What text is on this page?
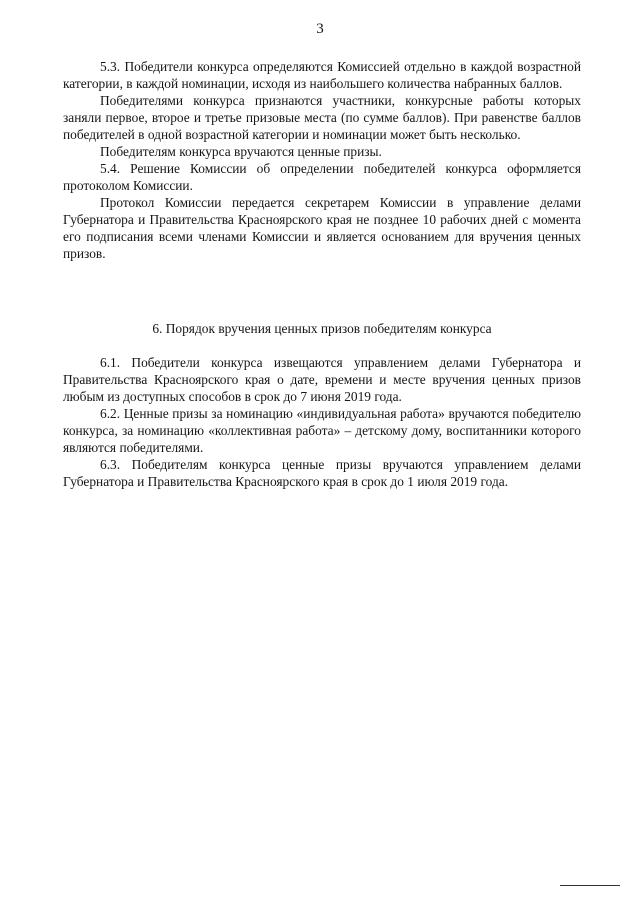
3

5.3. Победители конкурса определяются Комиссией отдельно в каждой возрастной категории, в каждой номинации, исходя из наибольшего количества набранных баллов.

Победителями конкурса признаются участники, конкурсные работы которых заняли первое, второе и третье призовые места (по сумме баллов). При равенстве баллов победителей в одной возрастной категории и номинации может быть несколько.

Победителям конкурса вручаются ценные призы.

5.4. Решение Комиссии об определении победителей конкурса оформляется протоколом Комиссии.

Протокол Комиссии передается секретарем Комиссии в управление делами Губернатора и Правительства Красноярского края не позднее 10 рабочих дней с момента его подписания всеми членами Комиссии и является основанием для вручения ценных призов.

6. Порядок вручения ценных призов победителям конкурса

6.1. Победители конкурса извещаются управлением делами Губернатора и Правительства Красноярского края о дате, времени и месте вручения ценных призов любым из доступных способов в срок до 7 июня 2019 года.

6.2. Ценные призы за номинацию «индивидуальная работа» вручаются победителю конкурса, за номинацию «коллективная работа» – детскому дому, воспитанники которого являются победителями.

6.3. Победителям конкурса ценные призы вручаются управлением делами Губернатора и Правительства Красноярского края в срок до 1 июля 2019 года.
